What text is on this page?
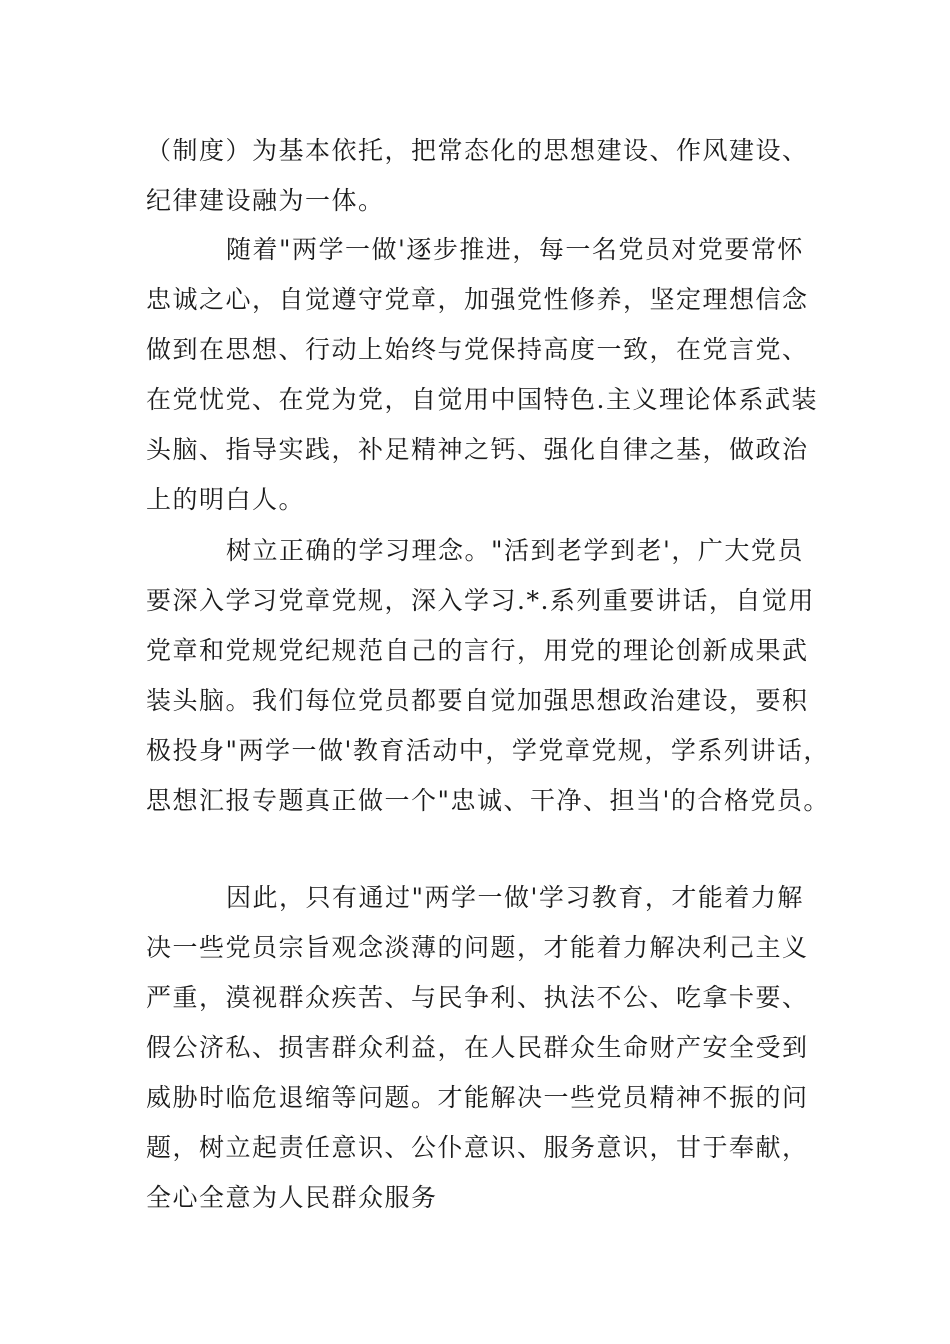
（制度）为基本依托，把常态化的思想建设、作风建设、
纪律建设融为一体。
随着"两学一做'逐步推进，每一名党员对党要常怀
忠诚之心，自觉遵守党章，加强党性修养，坚定理想信念
做到在思想、行动上始终与党保持高度一致，在党言党、
在党忧党、在党为党，自觉用中国特色.主义理论体系武装
头脑、指导实践，补足精神之钙、强化自律之基，做政治
上的明白人。
树立正确的学习理念。"活到老学到老'，广大党员
要深入学习党章党规，深入学习.*.系列重要讲话，自觉用
党章和党规党纪规范自己的言行，用党的理论创新成果武
装头脑。我们每位党员都要自觉加强思想政治建设，要积
极投身"两学一做'教育活动中，学党章党规，学系列讲话，
思想汇报专题真正做一个"忠诚、干净、担当'的合格党员。
因此，只有通过"两学一做'学习教育，才能着力解
决一些党员宗旨观念淡薄的问题，才能着力解决利己主义
严重，漠视群众疾苦、与民争利、执法不公、吃拿卡要、
假公济私、损害群众利益，在人民群众生命财产安全受到
威胁时临危退缩等问题。才能解决一些党员精神不振的问
题，树立起责任意识、公仆意识、服务意识，甘于奉献，
全心全意为人民群众服务
